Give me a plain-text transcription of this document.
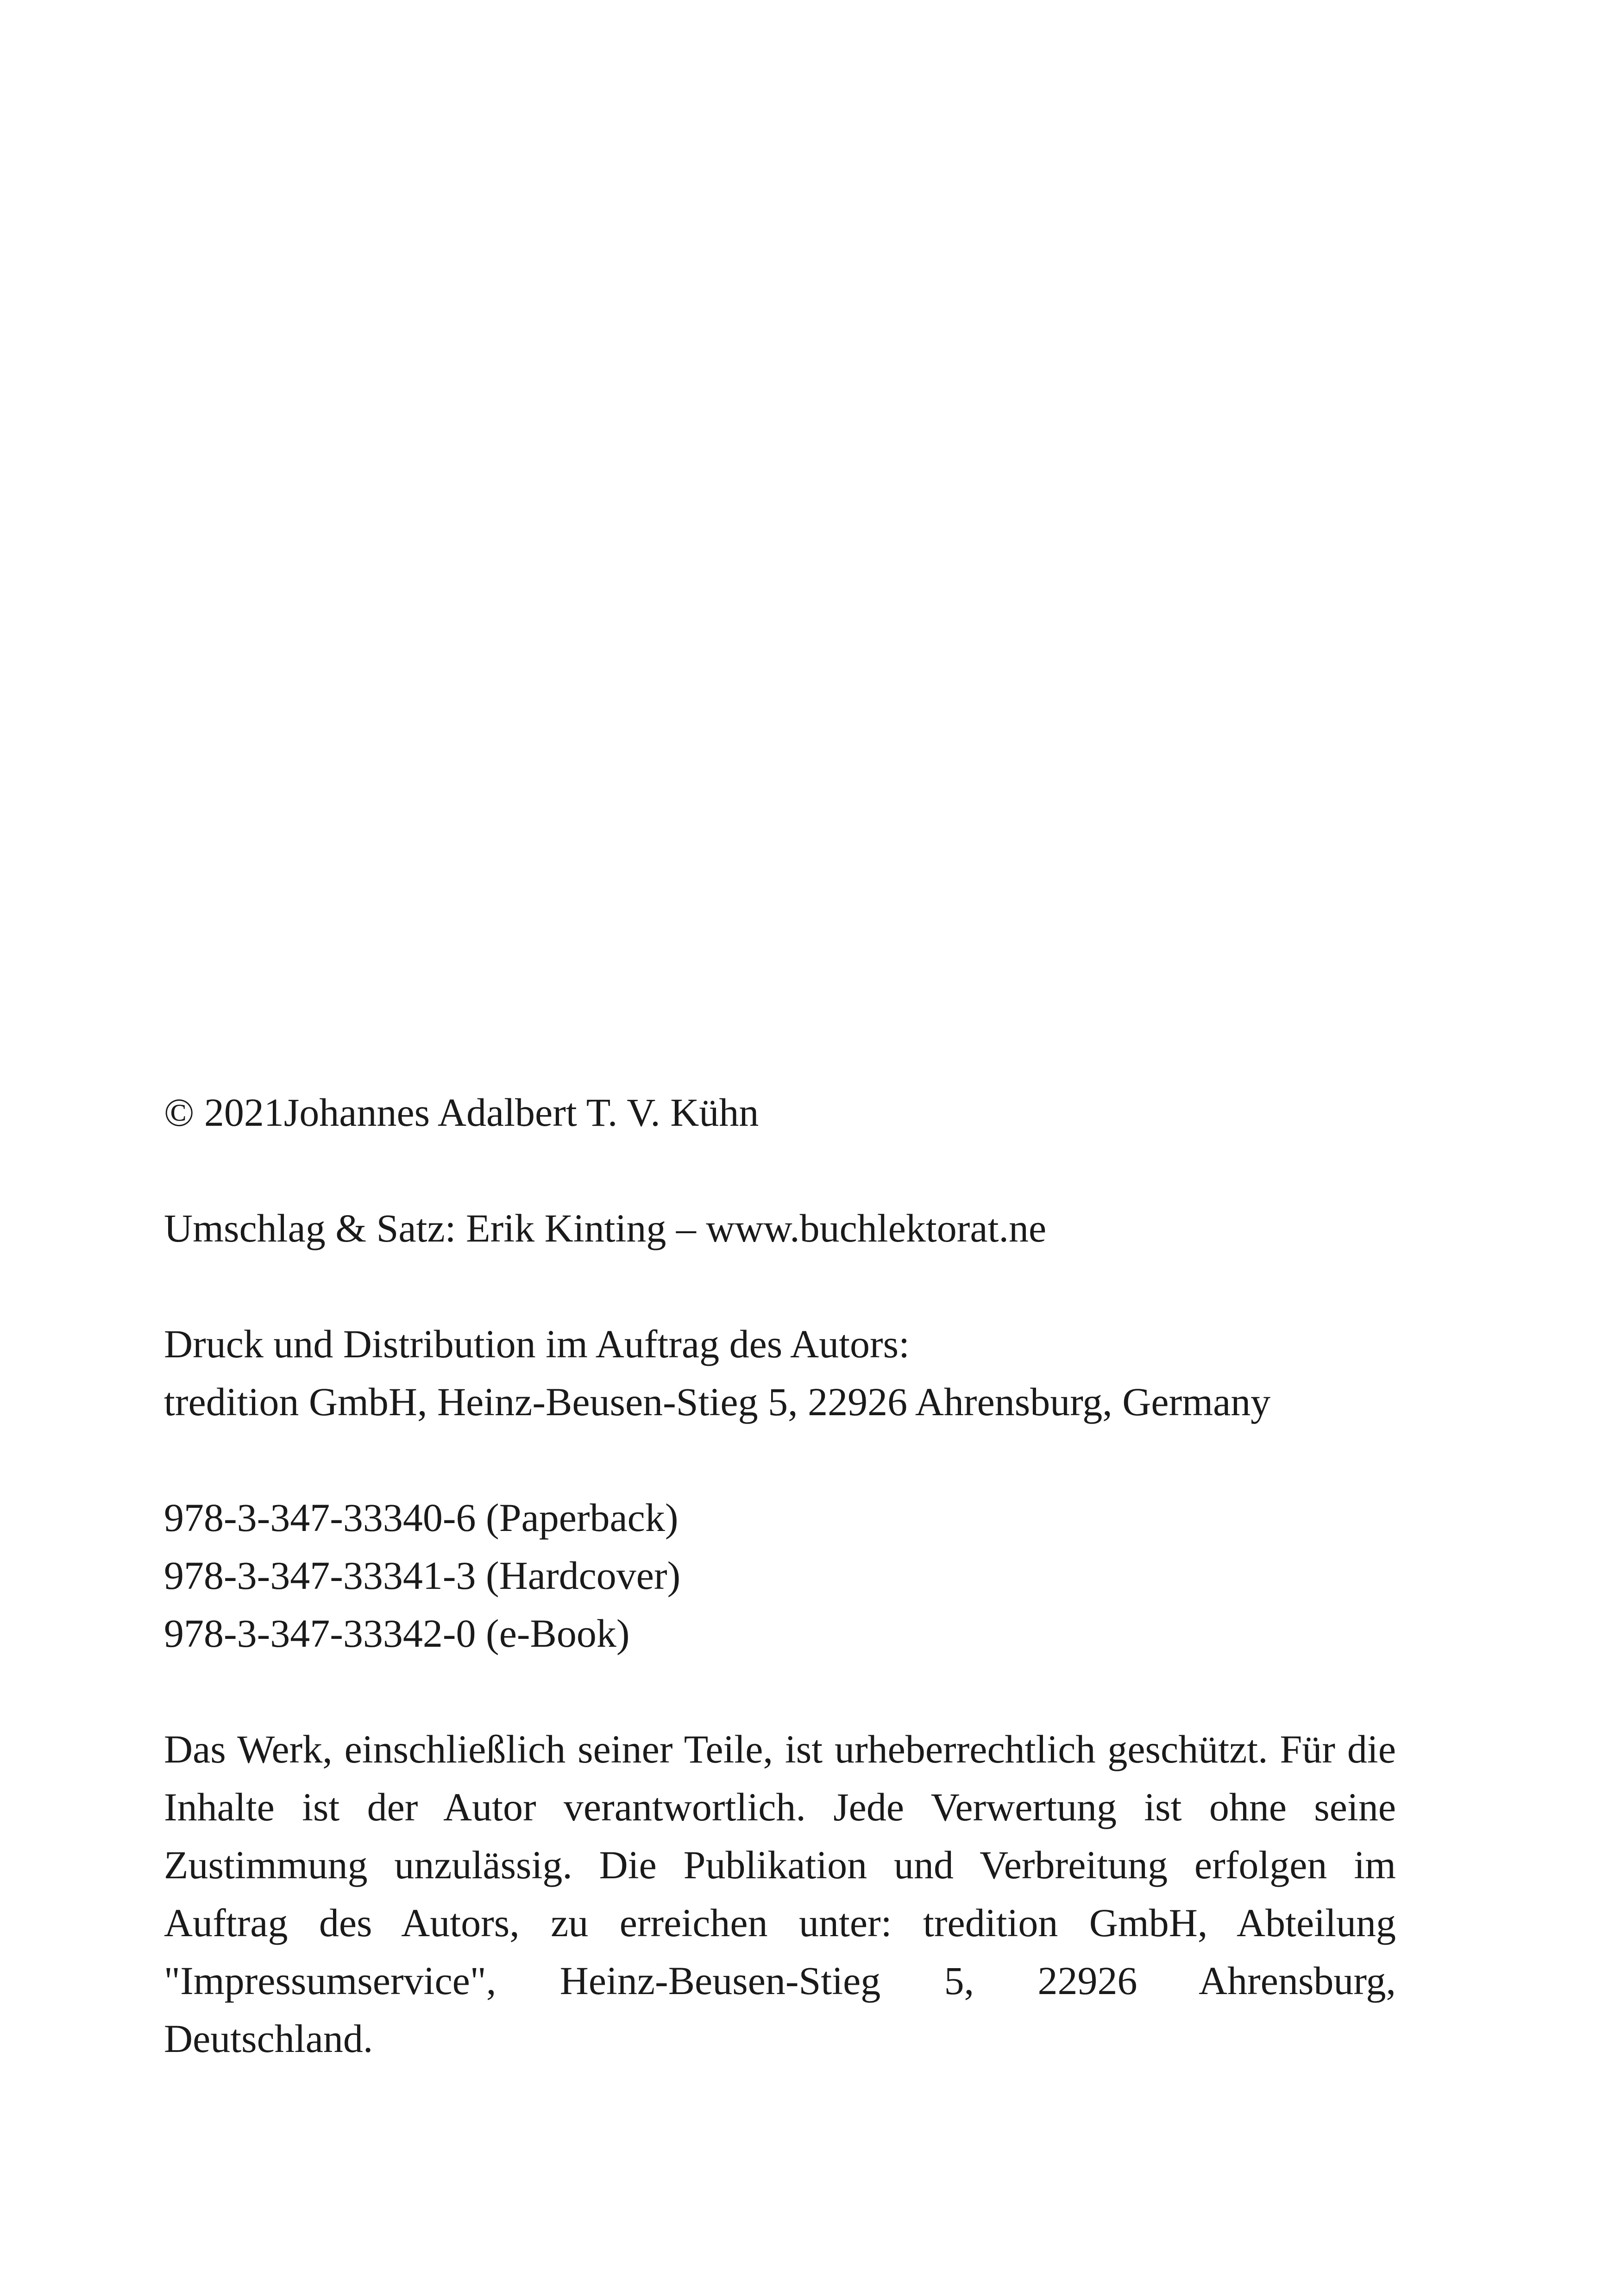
© 2021Johannes Adalbert T. V. Kühn
Umschlag & Satz: Erik Kinting – www.buchlektorat.ne
Druck und Distribution im Auftrag des Autors:
tredition GmbH, Heinz-Beusen-Stieg 5, 22926 Ahrensburg, Germany
978-3-347-33340-6 (Paperback)
978-3-347-33341-3 (Hardcover)
978-3-347-33342-0 (e-Book)

Das Werk, einschließlich seiner Teile, ist urheberrechtlich geschützt. Für die Inhalte ist der Autor verantwortlich. Jede Verwertung ist ohne seine Zustimmung unzulässig. Die Publikation und Verbreitung erfolgen im Auftrag des Autors, zu erreichen unter: tredition GmbH, Abteilung "Impressumservice", Heinz-Beusen-Stieg 5, 22926 Ahrensburg, Deutschland.
